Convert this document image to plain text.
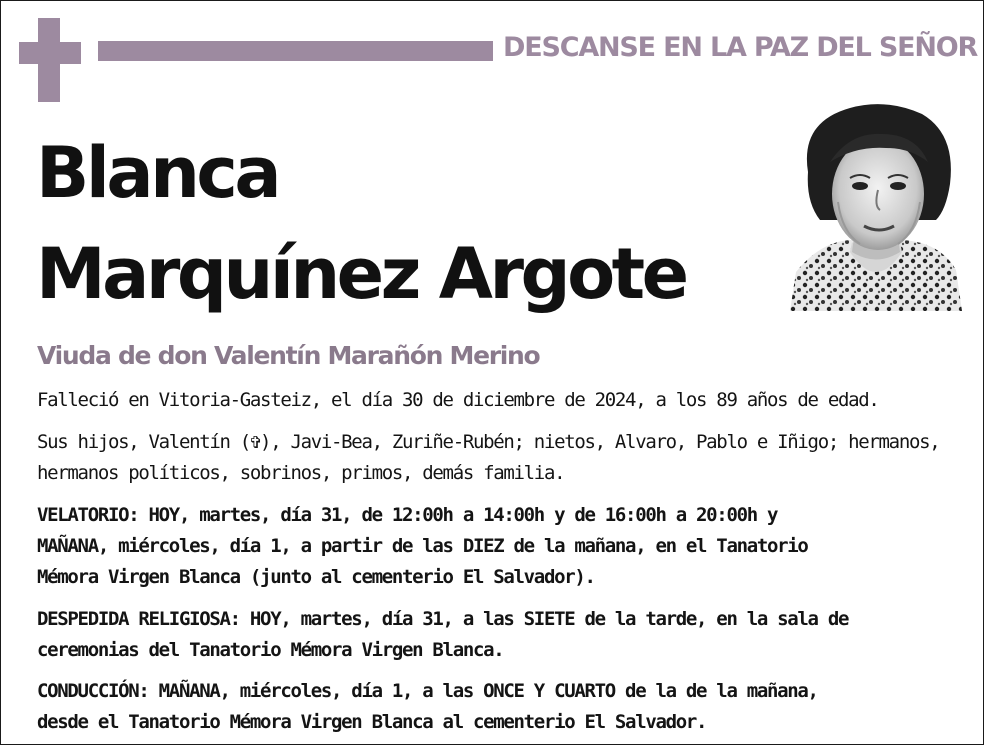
DESCANSE EN LA PAZ DEL SEÑOR
Blanca
Marquínez Argote
Viuda de don Valentín Marañón Merino
Falleció en Vitoria-Gasteiz, el día 30 de diciembre de 2024, a los 89 años de edad.
Sus hijos, Valentín (✞), Javi-Bea, Zuriñe-Rubén; nietos, Alvaro, Pablo e Iñigo; hermanos,
hermanos políticos, sobrinos, primos, demás familia.
VELATORIO: HOY, martes, día 31, de 12:00h a 14:00h y de 16:00h a 20:00h y
MAÑANA, miércoles, día 1, a partir de las DIEZ de la mañana, en el Tanatorio
Mémora Virgen Blanca (junto al cementerio El Salvador).
DESPEDIDA RELIGIOSA: HOY, martes, día 31, a las SIETE de la tarde, en la sala de
ceremonias del Tanatorio Mémora Virgen Blanca.
CONDUCCIÓN: MAÑANA, miércoles, día 1, a las ONCE Y CUARTO de la de la mañana,
desde el Tanatorio Mémora Virgen Blanca al cementerio El Salvador.
